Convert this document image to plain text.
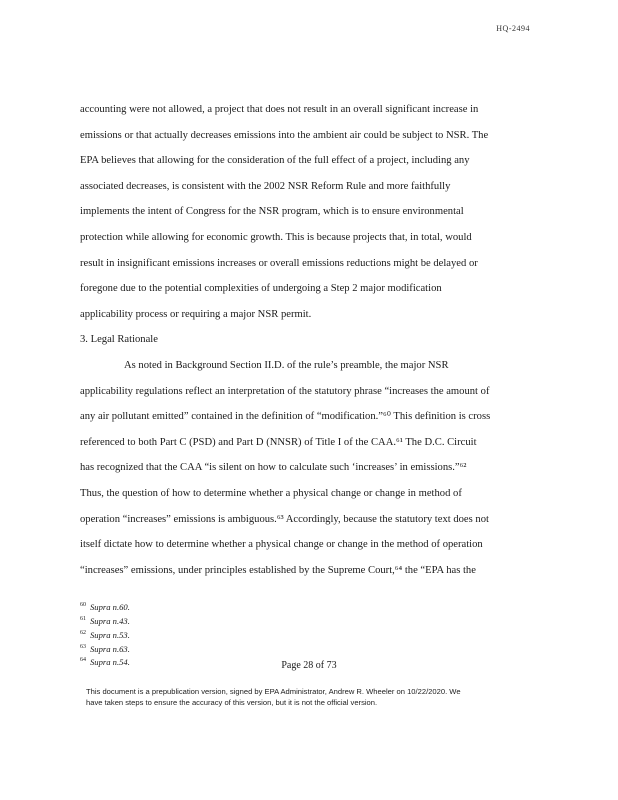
HQ-2494
accounting were not allowed, a project that does not result in an overall significant increase in
emissions or that actually decreases emissions into the ambient air could be subject to NSR. The
EPA believes that allowing for the consideration of the full effect of a project, including any
associated decreases, is consistent with the 2002 NSR Reform Rule and more faithfully
implements the intent of Congress for the NSR program, which is to ensure environmental
protection while allowing for economic growth. This is because projects that, in total, would
result in insignificant emissions increases or overall emissions reductions might be delayed or
foregone due to the potential complexities of undergoing a Step 2 major modification
applicability process or requiring a major NSR permit.
3. Legal Rationale
As noted in Background Section II.D. of the rule’s preamble, the major NSR
applicability regulations reflect an interpretation of the statutory phrase “increases the amount of
any air pollutant emitted” contained in the definition of “modification.”⁶⁰ This definition is cross
referenced to both Part C (PSD) and Part D (NNSR) of Title I of the CAA.⁶¹ The D.C. Circuit
has recognized that the CAA “is silent on how to calculate such ‘increases’ in emissions.”⁶²
Thus, the question of how to determine whether a physical change or change in method of
operation “increases” emissions is ambiguous.⁶³ Accordingly, because the statutory text does not
itself dictate how to determine whether a physical change or change in the method of operation
“increases” emissions, under principles established by the Supreme Court,⁶⁴ the “EPA has the
$^{60}$ Supra n.60.
$^{61}$ Supra n.43.
$^{62}$ Supra n.53.
$^{63}$ Supra n.63.
$^{64}$ Supra n.54.	Page 28 of 73
This document is a prepublication version, signed by EPA Administrator, Andrew R. Wheeler on 10/22/2020. We
have taken steps to ensure the accuracy of this version, but it is not the official version.
